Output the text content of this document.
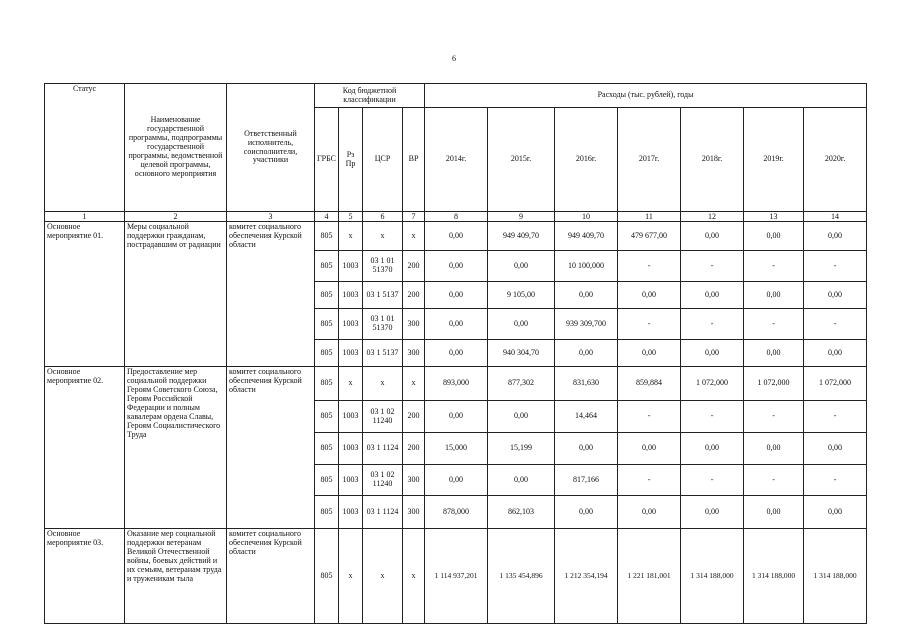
6
Статус	Наименование государственной программы, подпрограммы государственной программы, ведомственной целевой программы, основного мероприятия	Ответственный исполнитель, соисполнители, участники	Код бюджетной классификации				Расходы (тыс. рублей), годы						
			ГРБС	Рз Пр	ЦСР	ВР	2014г.	2015г.	2016г.	2017г.	2018г.	2019г.	2020г.
1	2	3	4	5	6	7	8	9	10	11	12	13	14
Основное мероприятие 01.	Меры социальной поддержки гражданам, пострадавшим от радиации	комитет социального обеспечения Курской области	805	х	х	х	0,00	949 409,70	949 409,70	479 677,00	0,00	0,00	0,00
			805	1003	03 1 01 51370	200	0,00	0,00	10 100,000	-	-	-	-
			805	1003	03 1 5137	200	0,00	9 105,00	0,00	0,00	0,00	0,00	0,00
			805	1003	03 1 01 51370	300	0,00	0,00	939 309,700	-	-	-	-
			805	1003	03 1 5137	300	0,00	940 304,70	0,00	0,00	0,00	0,00	0,00
Основное мероприятие 02.	Предоставление мер социальной поддержки Героям Советского Союза, Героям Российской Федерации и полным кавалерам ордена Славы, Героям Социалистического Труда	комитет социального обеспечения Курской области	805	х	х	х	893,000	877,302	831,630	859,884	1 072,000	1 072,000	1 072,000
			805	1003	03 1 02 11240	200	0,00	0,00	14,464	-	-	-	-
			805	1003	03 1 1124	200	15,000	15,199	0,00	0,00	0,00	0,00	0,00
			805	1003	03 1 02 11240	300	0,00	0,00	817,166	-	-	-	-
			805	1003	03 1 1124	300	878,000	862,103	0,00	0,00	0,00	0,00	0,00
Основное мероприятие 03.	Оказание мер социальной поддержки ветеранам Великой Отечественной войны, боевых действий и их семьям, ветеранам труда и труженикам тыла	комитет социального обеспечения Курской области	805	х	х	х	1 114 937,201	1 135 454,896	1 212 354,194	1 221 181,001	1 314 188,000	1 314 188,000	1 314 188,000
